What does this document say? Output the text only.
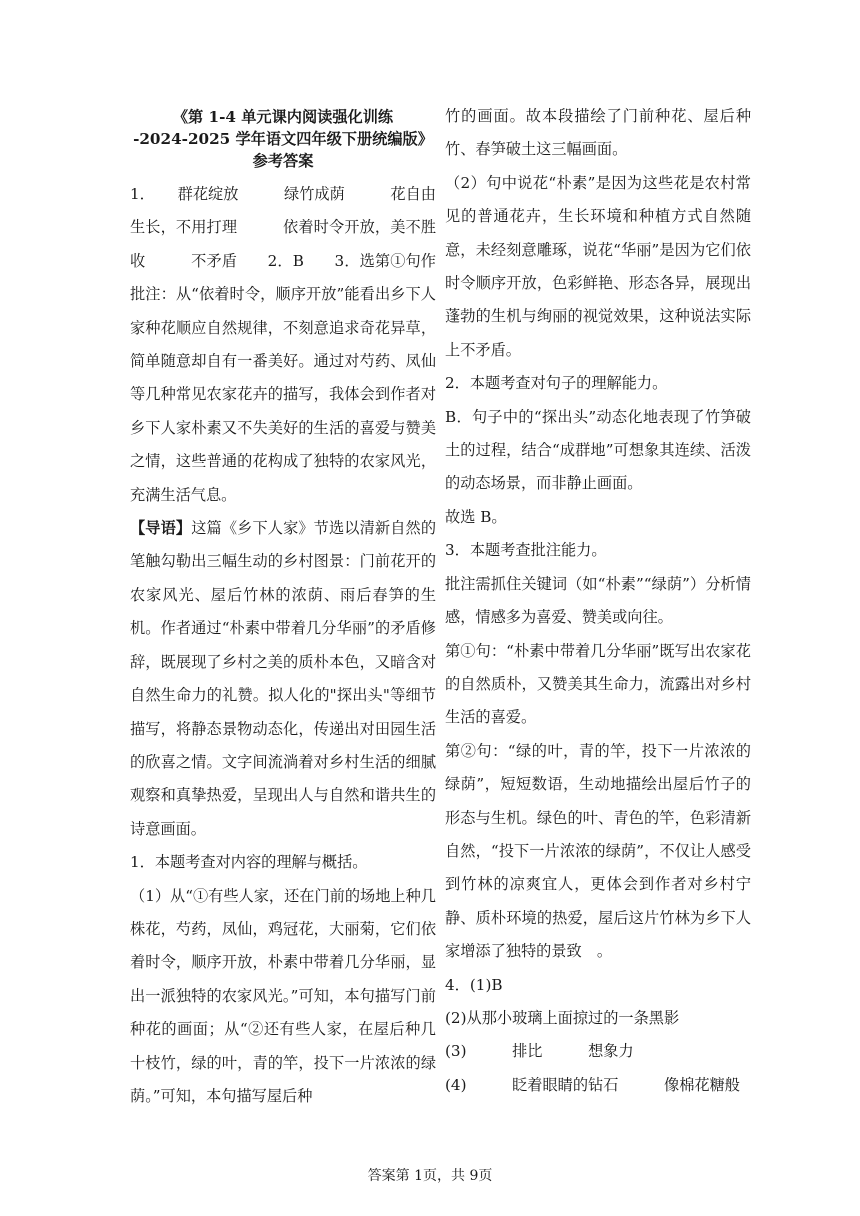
《第 1-4 单元课内阅读强化训练
-2024-2025 学年语文四年级下册统编版》
参考答案

1．　　群花绽放　　　绿竹成荫　　　花自由生长，不用打理　　　依着时令开放，美不胜收　　　不矛盾　　2．B　　3．选第①句作批注：从“依着时令，顺序开放”能看出乡下人家种花顺应自然规律，不刻意追求奇花异草，简单随意却自有一番美好。通过对芍药、凤仙等几种常见农家花卉的描写，我体会到作者对乡下人家朴素又不失美好的生活的喜爱与赞美之情，这些普通的花构成了独特的农家风光，充满生活气息。

【导语】这篇《乡下人家》节选以清新自然的笔触勾勒出三幅生动的乡村图景：门前花开的农家风光、屋后竹林的浓荫、雨后春笋的生机。作者通过“朴素中带着几分华丽”的矛盾修辞，既展现了乡村之美的质朴本色，又暗含对自然生命力的礼赞。拟人化的"探出头"等细节描写，将静态景物动态化，传递出对田园生活的欣喜之情。文字间流淌着对乡村生活的细腻观察和真挚热爱，呈现出人与自然和谐共生的诗意画面。

1．本题考查对内容的理解与概括。

（1）从“①有些人家，还在门前的场地上种几株花，芍药，凤仙，鸡冠花，大丽菊，它们依着时令，顺序开放，朴素中带着几分华丽，显出一派独特的农家风光。”可知，本句描写门前种花的画面；从“②还有些人家，在屋后种几十枝竹，绿的叶，青的竿，投下一片浓浓的绿荫。”可知，本句描写屋后种

竹的画面。故本段描绘了门前种花、屋后种竹、春笋破土这三幅画面。

（2）句中说花“朴素”是因为这些花是农村常见的普通花卉，生长环境和种植方式自然随意，未经刻意雕琢，说花“华丽”是因为它们依时令顺序开放，色彩鲜艳、形态各异，展现出蓬勃的生机与绚丽的视觉效果，这种说法实际上不矛盾。

2．本题考查对句子的理解能力。

B．句子中的“探出头”动态化地表现了竹笋破土的过程，结合“成群地”可想象其连续、活泼的动态场景，而非静止画面。

故选 B。

3．本题考查批注能力。

批注需抓住关键词（如“朴素”“绿荫”）分析情感，情感多为喜爱、赞美或向往。

第①句：“朴素中带着几分华丽”既写出农家花的自然质朴，又赞美其生命力，流露出对乡村生活的喜爱。

第②句：“绿的叶，青的竿，投下一片浓浓的绿荫”，短短数语，生动地描绘出屋后竹子的形态与生机。绿色的叶、青色的竿，色彩清新自然，“投下一片浓浓的绿荫”，不仅让人感受到竹林的凉爽宜人，更体会到作者对乡村宁静、质朴环境的热爱，屋后这片竹林为乡下人家增添了独特的景致　。

4．(1)B

(2)从那小玻璃上面掠过的一条黑影

(3)	排比	想象力

(4)	眨着眼睛的钻石	像棉花糖般

答案第 1页，共 9页
